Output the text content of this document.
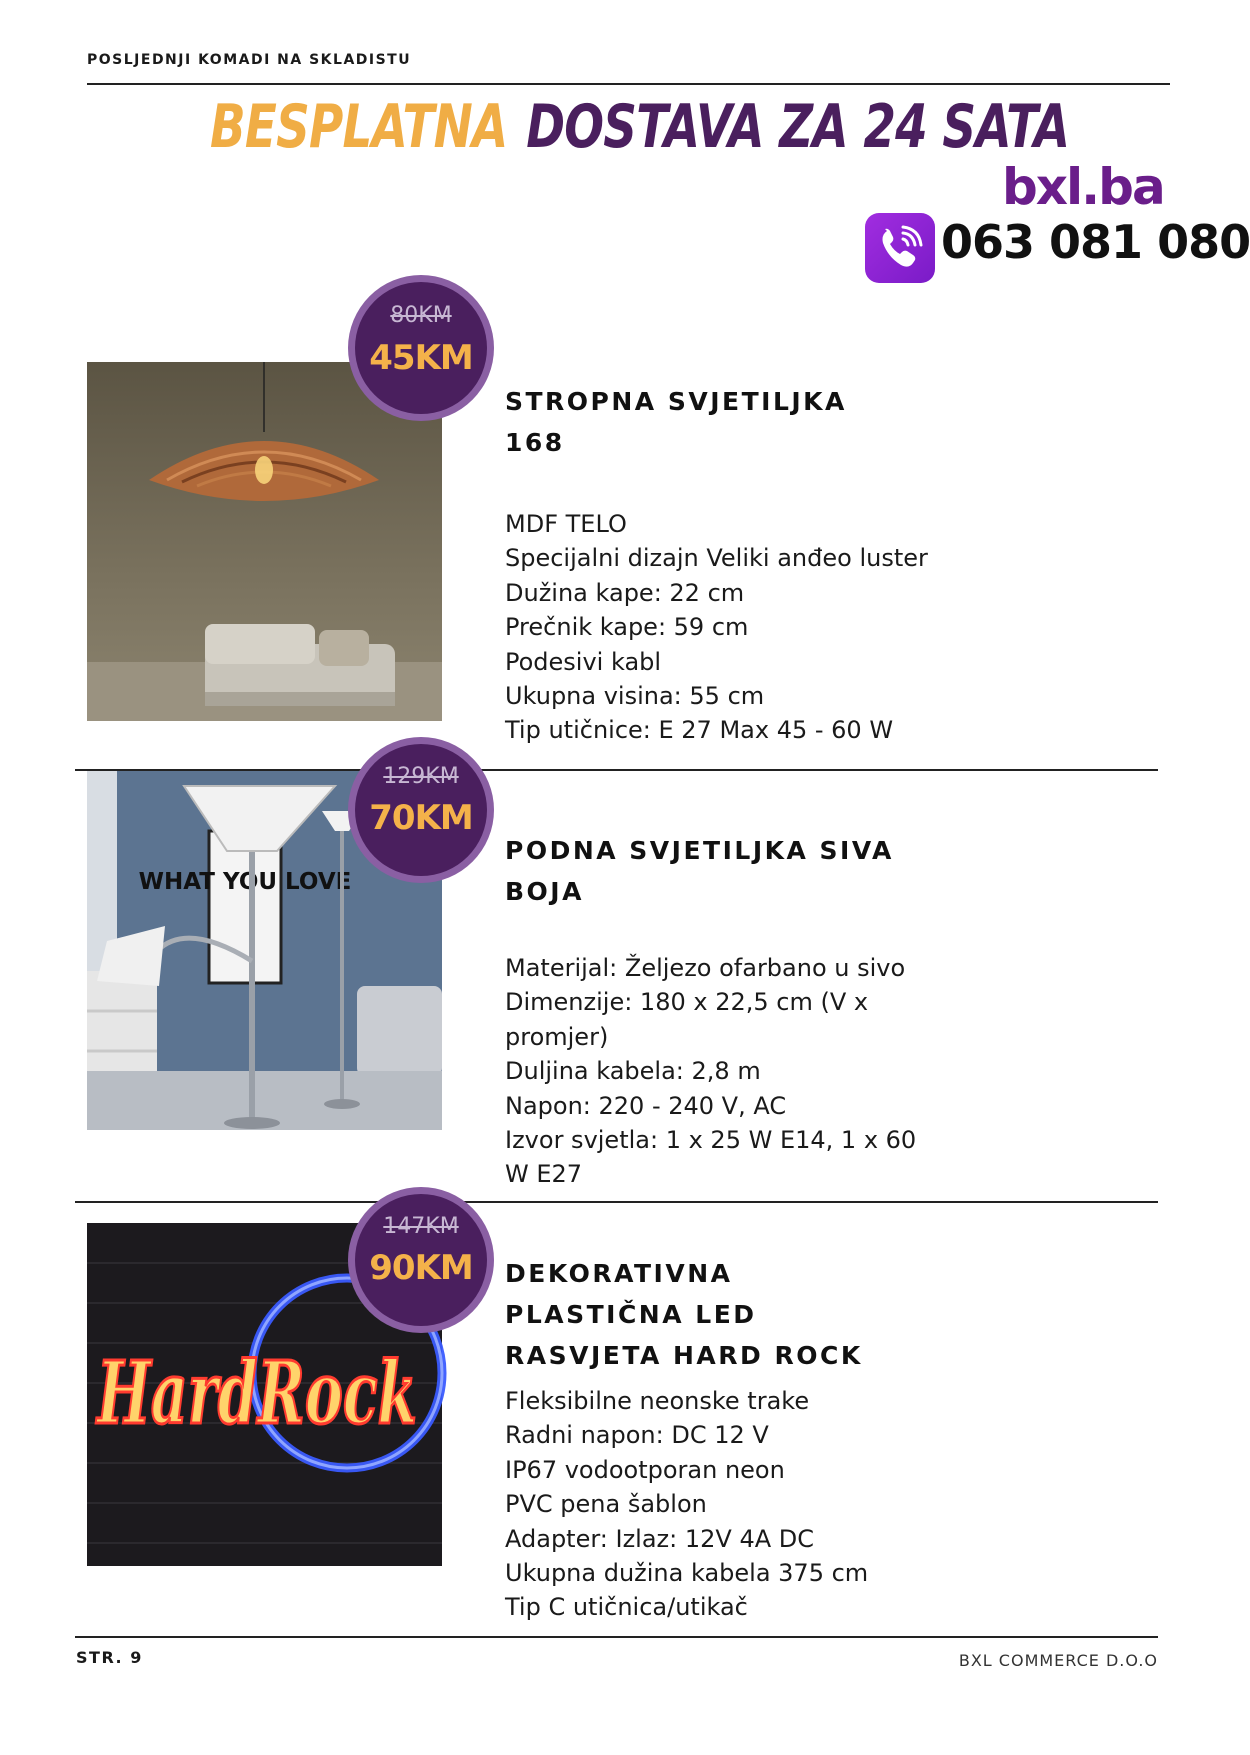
POSLJEDNJI KOMADI NA SKLADISTU
BESPLATNA DOSTAVA ZA 24 SATA
bxl.ba
063 081 080
80KM
45KM
STROPNA SVJETILJKA 168
MDF TELO
Specijalni dizajn Veliki anđeo luster
Dužina kape: 22 cm
Prečnik kape: 59 cm
Podesivi kabl
Ukupna visina: 55 cm
Tip utičnice: E 27 Max 45 - 60 W
WHAT YOU LOVE
129KM
70KM
PODNA SVJETILJKA SIVA BOJA
Materijal: Željezo ofarbano u sivo
Dimenzije: 180 x 22,5 cm (V x promjer)
Duljina kabela: 2,8 m
Napon: 220 - 240 V, AC
Izvor svjetla: 1 x 25 W E14, 1 x 60 W E27
HardRock
147KM
90KM	DEKORATIVNA PLASTIČNA LED RASVJETA HARD ROCK
Fleksibilne neonske trake
Radni napon: DC 12 V
IP67 vodootporan neon
PVC pena šablon
Adapter: Izlaz: 12V 4A DC
Ukupna dužina kabela 375 cm
Tip C utičnica/utikač
STR. 9	BXL COMMERCE D.O.O
